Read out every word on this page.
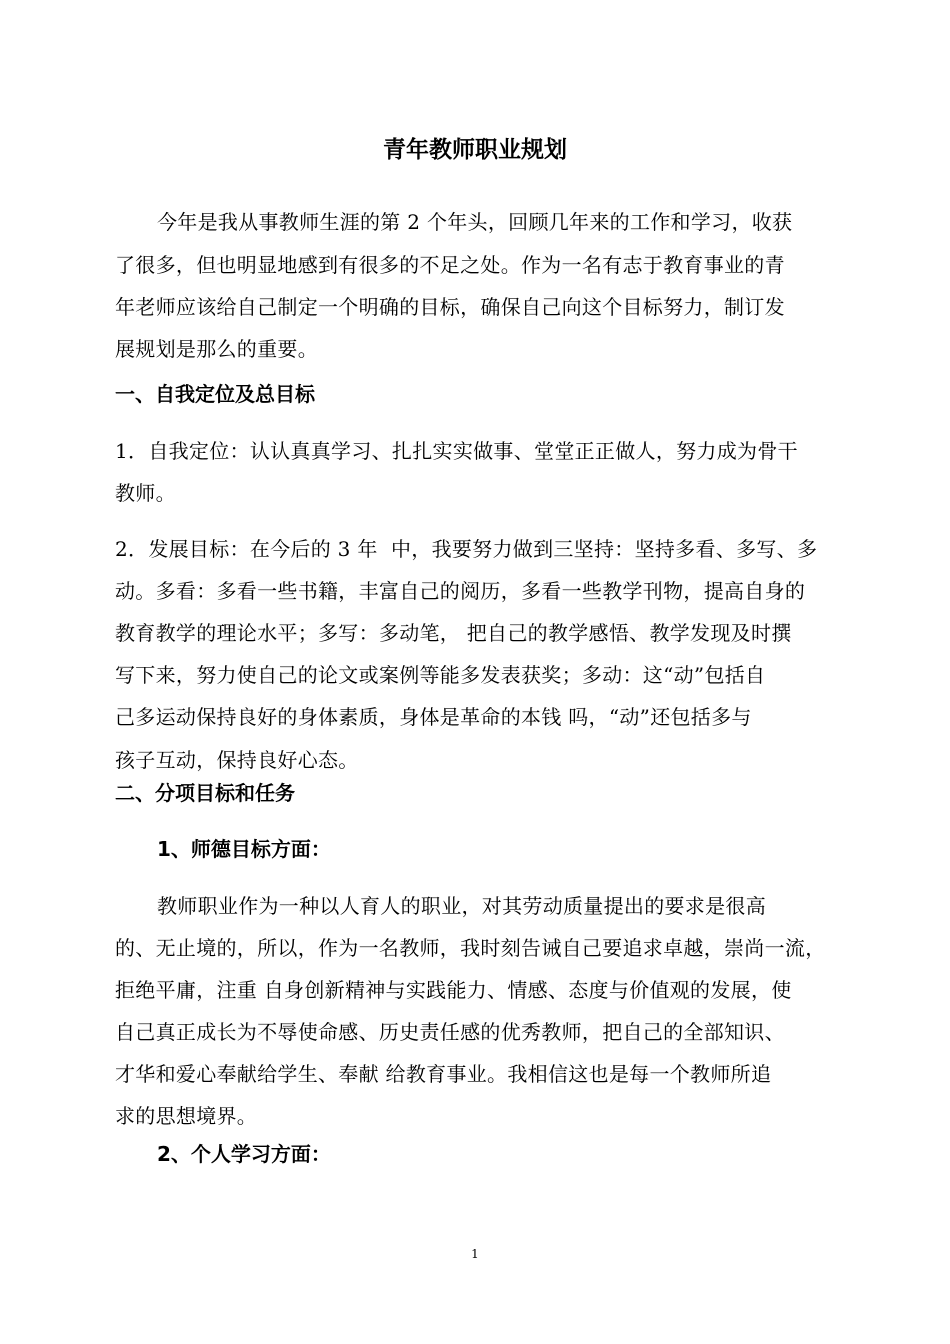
青年教师职业规划
今年是我从事教师生涯的第 2 个年头，回顾几年来的工作和学习，收获
了很多，但也明显地感到有很多的不足之处。作为一名有志于教育事业的青
年老师应该给自己制定一个明确的目标，确保自己向这个目标努力，制订发
展规划是那么的重要。
一、自我定位及总目标
1．自我定位：认认真真学习、扎扎实实做事、堂堂正正做人，努力成为骨干
教师。
2．发展目标：在今后的 3 年  中，我要努力做到三坚持：坚持多看、多写、多
动。多看：多看一些书籍，丰富自己的阅历，多看一些教学刊物，提高自身的
教育教学的理论水平；多写：多动笔， 把自己的教学感悟、教学发现及时撰
写下来，努力使自己的论文或案例等能多发表获奖；多动：这“动”包括自
己多运动保持良好的身体素质，身体是革命的本钱 吗，“动”还包括多与
孩子互动，保持良好心态。
二、分项目标和任务
1、师德目标方面：
教师职业作为一种以人育人的职业，对其劳动质量提出的要求是很高
的、无止境的，所以，作为一名教师，我时刻告诫自己要追求卓越，崇尚一流，
拒绝平庸，注重 自身创新精神与实践能力、情感、态度与价值观的发展，使
自己真正成长为不辱使命感、历史责任感的优秀教师，把自己的全部知识、
才华和爱心奉献给学生、奉献 给教育事业。我相信这也是每一个教师所追
求的思想境界。
2、个人学习方面：
1
